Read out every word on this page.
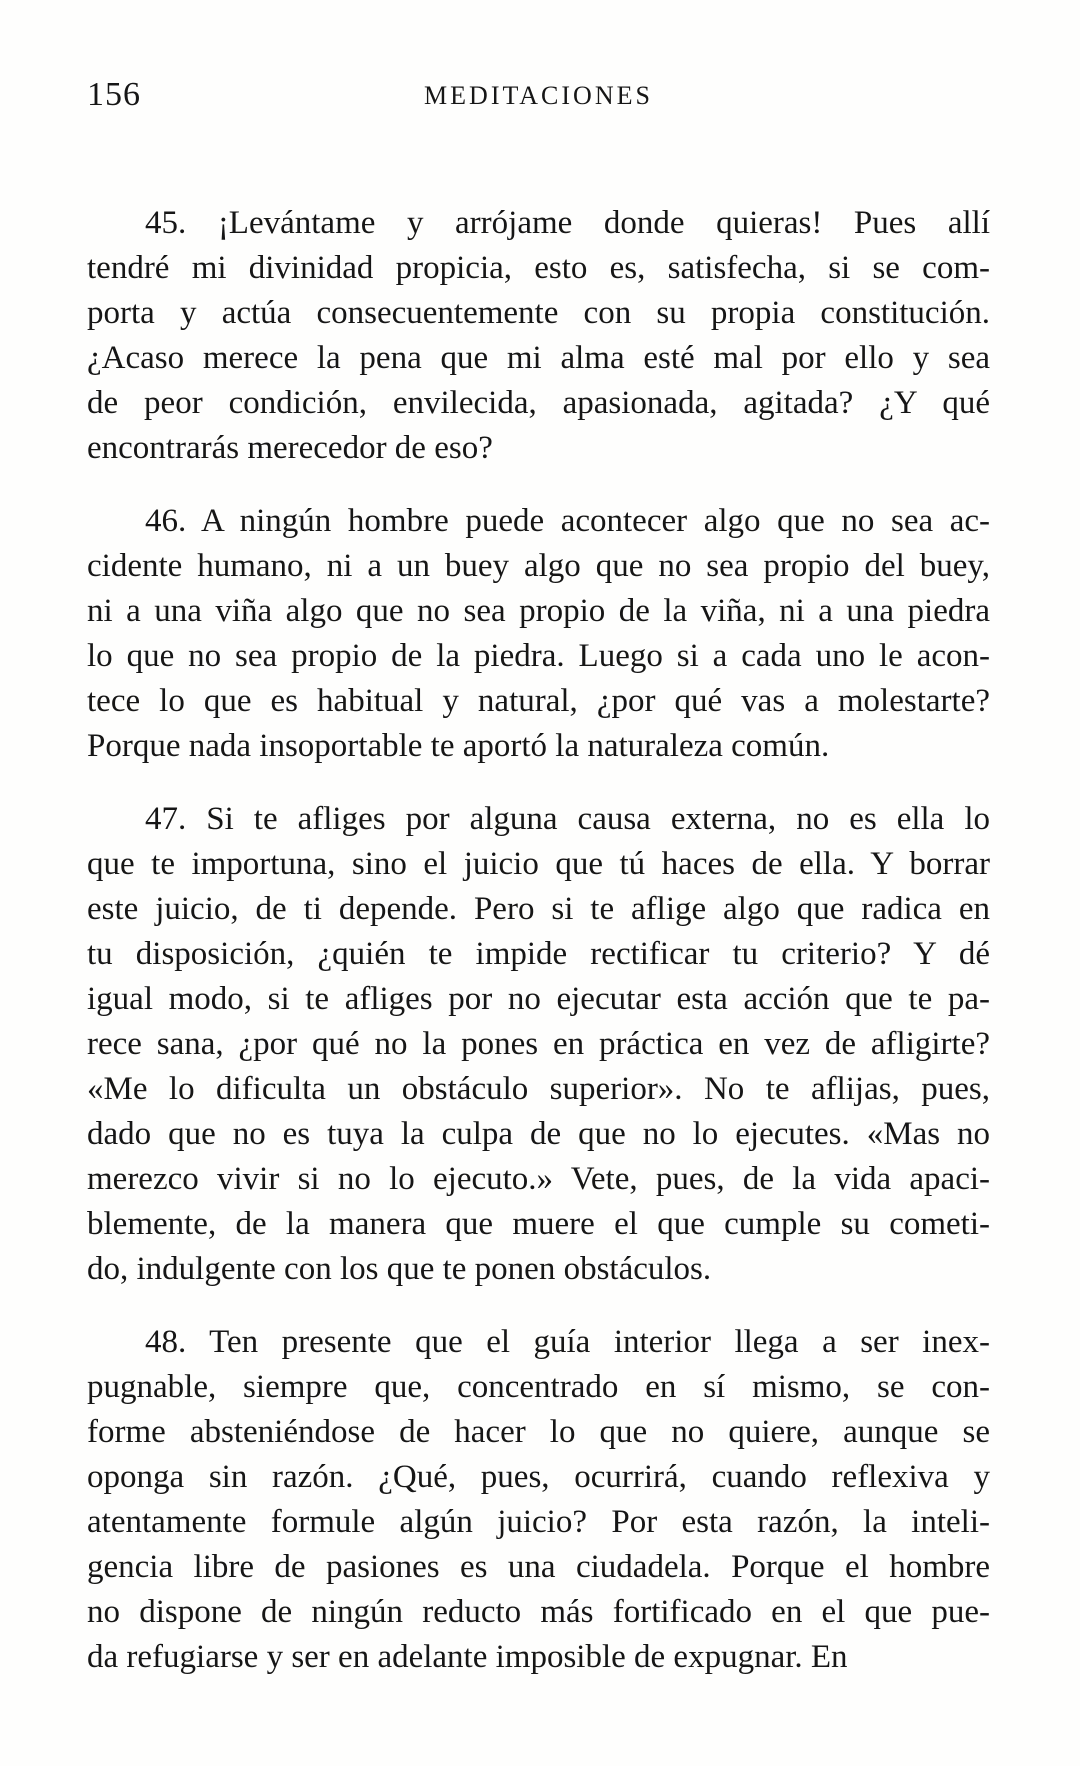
156	MEDITACIONES
45. ¡Levántame y arrójame donde quieras! Pues allí
tendré mi divinidad propicia, esto es, satisfecha, si se com-
porta y actúa consecuentemente con su propia constitución.
¿Acaso merece la pena que mi alma esté mal por ello y sea
de peor condición, envilecida, apasionada, agitada? ¿Y qué
encontrarás merecedor de eso?
46. A ningún hombre puede acontecer algo que no sea ac-
cidente humano, ni a un buey algo que no sea propio del buey,
ni a una viña algo que no sea propio de la viña, ni a una piedra
lo que no sea propio de la piedra. Luego si a cada uno le acon-
tece lo que es habitual y natural, ¿por qué vas a molestarte?
Porque nada insoportable te aportó la naturaleza común.
47. Si te afliges por alguna causa externa, no es ella lo
que te importuna, sino el juicio que tú haces de ella. Y borrar
este juicio, de ti depende. Pero si te aflige algo que radica en
tu disposición, ¿quién te impide rectificar tu criterio? Y dé
igual modo, si te afliges por no ejecutar esta acción que te pa-
rece sana, ¿por qué no la pones en práctica en vez de afligirte?
«Me lo dificulta un obstáculo superior». No te aflijas, pues,
dado que no es tuya la culpa de que no lo ejecutes. «Mas no
merezco vivir si no lo ejecuto.» Vete, pues, de la vida apaci-
blemente, de la manera que muere el que cumple su cometi-
do, indulgente con los que te ponen obstáculos.
48. Ten presente que el guía interior llega a ser inex-
pugnable, siempre que, concentrado en sí mismo, se con-
forme absteniéndose de hacer lo que no quiere, aunque se
oponga sin razón. ¿Qué, pues, ocurrirá, cuando reflexiva y
atentamente formule algún juicio? Por esta razón, la inteli-
gencia libre de pasiones es una ciudadela. Porque el hombre
no dispone de ningún reducto más fortificado en el que pue-
da refugiarse y ser en adelante imposible de expugnar. En
